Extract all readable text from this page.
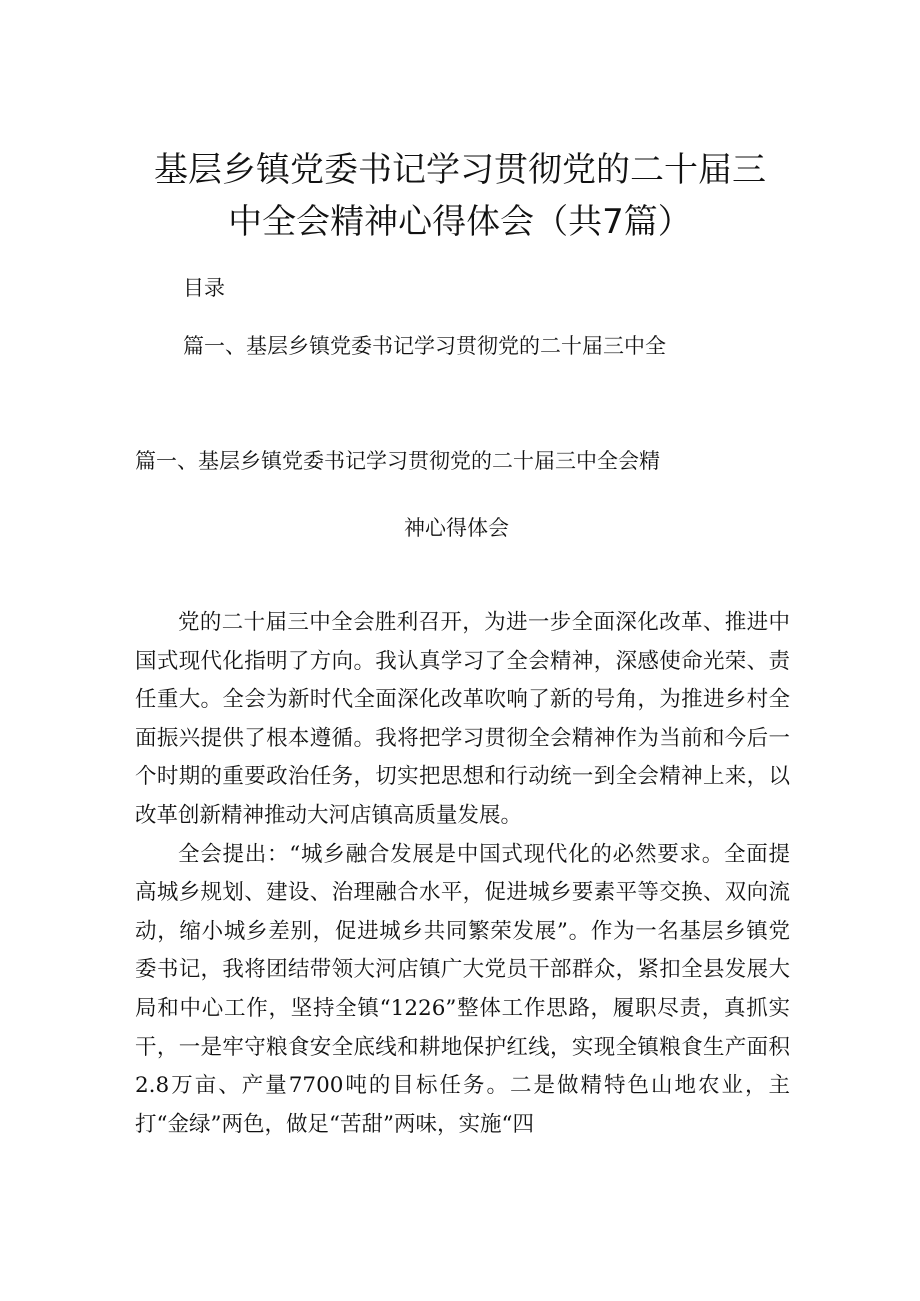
基层乡镇党委书记学习贯彻党的二十届三
中全会精神心得体会（共7篇）
目录
篇一、基层乡镇党委书记学习贯彻党的二十届三中全
篇一、基层乡镇党委书记学习贯彻党的二十届三中全会精
神心得体会

党的二十届三中全会胜利召开，为进一步全面深化改革、推进中国式现代化指明了方向。我认真学习了全会精神，深感使命光荣、责任重大。全会为新时代全面深化改革吹响了新的号角，为推进乡村全面振兴提供了根本遵循。我将把学习贯彻全会精神作为当前和今后一个时期的重要政治任务，切实把思想和行动统一到全会精神上来，以改革创新精神推动大河店镇高质量发展。

全会提出：“城乡融合发展是中国式现代化的必然要求。全面提高城乡规划、建设、治理融合水平，促进城乡要素平等交换、双向流动，缩小城乡差别，促进城乡共同繁荣发展”。作为一名基层乡镇党委书记，我将团结带领大河店镇广大党员干部群众，紧扣全县发展大局和中心工作，坚持全镇“1226”整体工作思路，履职尽责，真抓实干，一是牢守粮食安全底线和耕地保护红线，实现全镇粮食生产面积2.8万亩、产量7700吨的目标任务。二是做精特色山地农业，主打“金绿”两色，做足“苦甜”两味，实施“四
